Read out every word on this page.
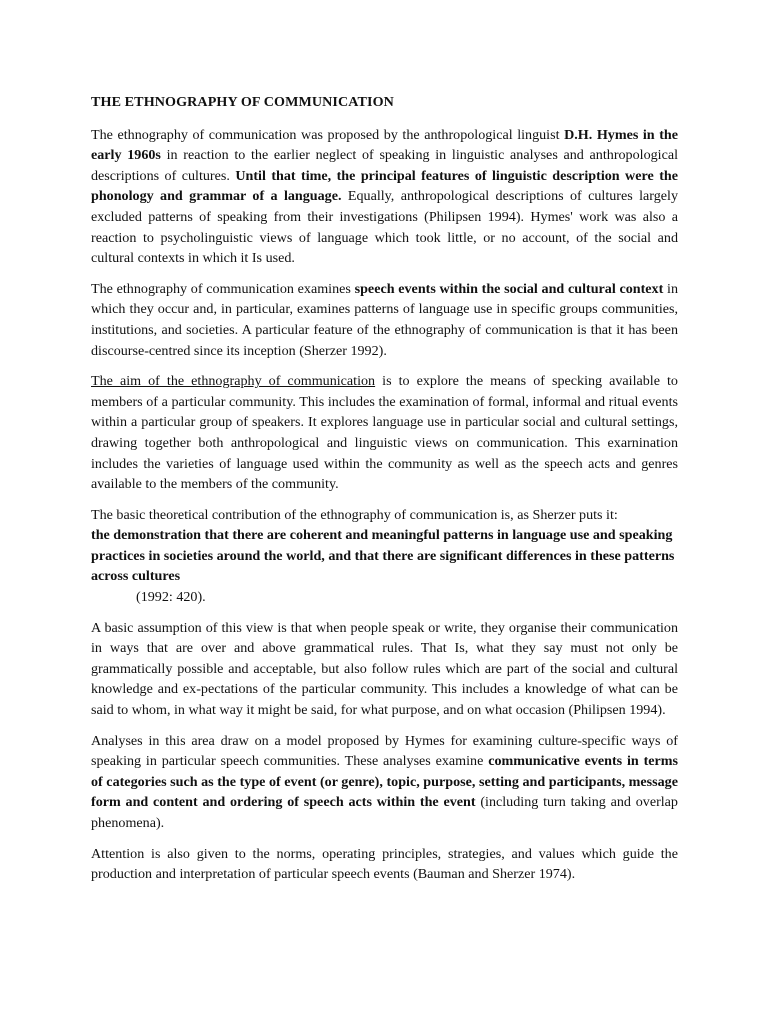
THE ETHNOGRAPHY OF COMMUNICATION

The ethnography of communication was proposed by the anthropological linguist D.H. Hymes in the early 1960s in reaction to the earlier neglect of speaking in linguistic analyses and anthropological descriptions of cultures. Until that time, the principal features of linguistic description were the phonology and grammar of a language. Equally, anthropological descriptions of cultures largely excluded patterns of speaking from their investigations (Philipsen 1994). Hymes' work was also a reaction to psycholinguistic views of language which took little, or no account, of the social and cultural contexts in which it Is used.

The ethnography of communication examines speech events within the social and cultural context in which they occur and, in particular, examines patterns of language use in specific groups communities, institutions, and societies. A particular feature of the ethnography of communication is that it has been discourse-centred since its inception (Sherzer 1992).

The aim of the ethnography of communication is to explore the means of specking available to members of a particular community. This includes the examination of formal, informal and ritual events within a particular group of speakers. It explores language use in particular social and cultural settings, drawing together both anthropological and linguistic views on communication. This exarnination includes the varieties of language used within the community as well as the speech acts and genres available to the members of the community.

The basic theoretical contribution of the ethnography of communication is, as Sherzer puts it:

the demonstration that there are coherent and meaningful patterns in language use and speaking practices in societies around the world, and that there are significant differences in these patterns across cultures

(1992: 420).

A basic assumption of this view is that when people speak or write, they organise their communication in ways that are over and above grammatical rules. That Is, what they say must not only be grammatically possible and acceptable, but also follow rules which are part of the social and cultural knowledge and ex-pectations of the particular community. This includes a knowledge of what can be said to whom, in what way it might be said, for what purpose, and on what occasion (Philipsen 1994).

Analyses in this area draw on a model proposed by Hymes for examining culture-specific ways of speaking in particular speech communities. These analyses examine communicative events in terms of categories such as the type of event (or genre), topic, purpose, setting and participants, message form and content and ordering of speech acts within the event (including turn taking and overlap phenomena).

Attention is also given to the norms, operating principles, strategies, and values which guide the production and interpretation of particular speech events (Bauman and Sherzer 1974).
